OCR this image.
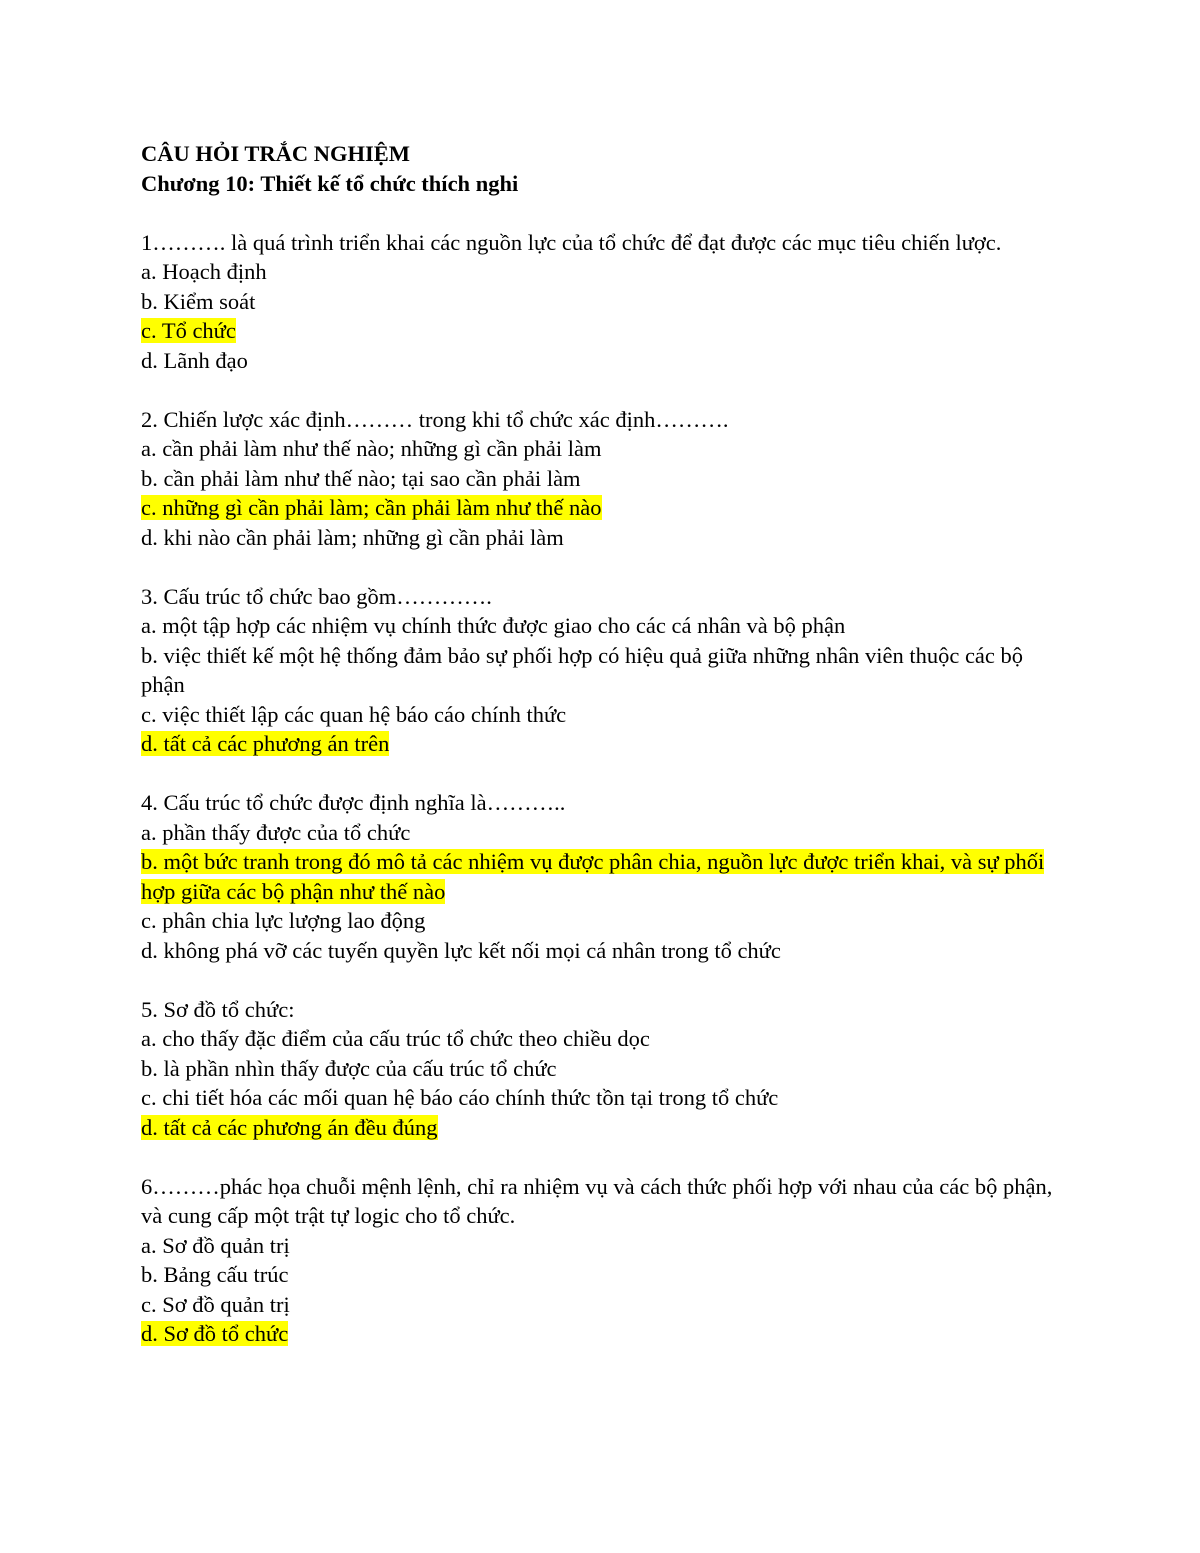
CÂU HỎI TRẮC NGHIỆM
Chương 10: Thiết kế tổ chức thích nghi

1………. là quá trình triển khai các nguồn lực của tổ chức để đạt được các mục tiêu chiến lược.

a. Hoạch định

b. Kiểm soát

c. Tổ chức

d. Lãnh đạo

2. Chiến lược xác định……… trong khi tổ chức xác định……….

a. cần phải làm như thế nào; những gì cần phải làm

b. cần phải làm như thế nào; tại sao cần phải làm

c. những gì cần phải làm; cần phải làm như thế nào

d. khi nào cần phải làm; những gì cần phải làm

3. Cấu trúc tổ chức bao gồm………….

a. một tập hợp các nhiệm vụ chính thức được giao cho các cá nhân và bộ phận

b. việc thiết kế một hệ thống đảm bảo sự phối hợp có hiệu quả giữa những nhân viên thuộc các bộ phận

c. việc thiết lập các quan hệ báo cáo chính thức

d. tất cả các phương án trên

4. Cấu trúc tổ chức được định nghĩa là………..

a. phần thấy được của tổ chức

b. một bức tranh trong đó mô tả các nhiệm vụ được phân chia, nguồn lực được triển khai, và sự phối hợp giữa các bộ phận như thế nào

c. phân chia lực lượng lao động

d. không phá vỡ các tuyến quyền lực kết nối mọi cá nhân trong tổ chức

5. Sơ đồ tổ chức:

a. cho thấy đặc điểm của cấu trúc tổ chức theo chiều dọc

b. là phần nhìn thấy được của cấu trúc tổ chức

c. chi tiết hóa các mối quan hệ báo cáo chính thức tồn tại trong tổ chức

d. tất cả các phương án đều đúng

6………phác họa chuỗi mệnh lệnh, chỉ ra nhiệm vụ và cách thức phối hợp với nhau của các bộ phận, và cung cấp một trật tự logic cho tổ chức.

a. Sơ đồ quản trị

b. Bảng cấu trúc

c. Sơ đồ quản trị

d. Sơ đồ tổ chức
